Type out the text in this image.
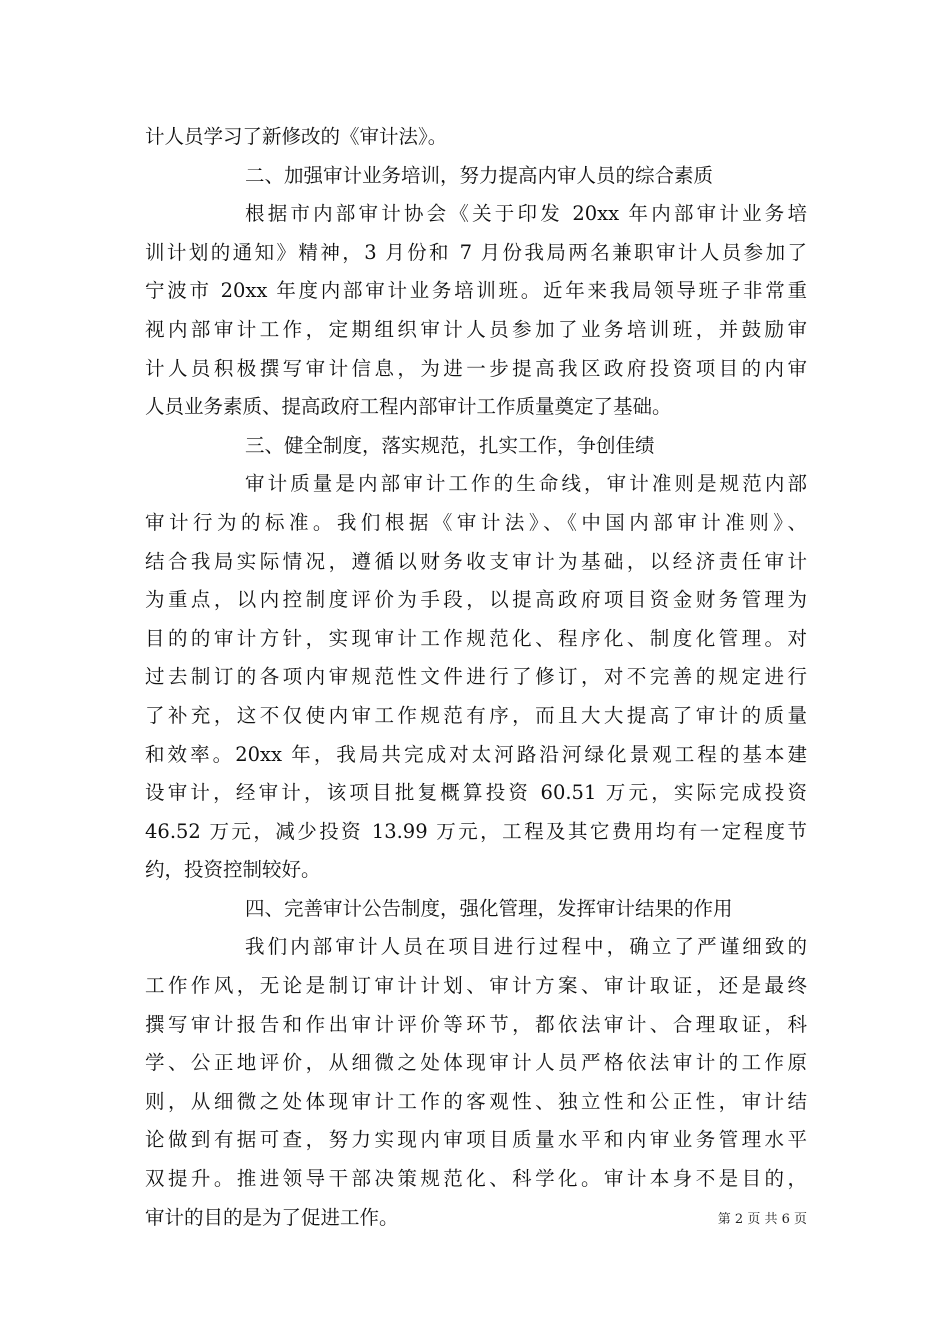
计人员学习了新修改的《审计法》。
二、加强审计业务培训，努力提高内审人员的综合素质
根据市内部审计协会《关于印发 20xx 年内部审计业务培
训计划的通知》精神，3 月份和 7 月份我局两名兼职审计人员参加了
宁波市 20xx 年度内部审计业务培训班。近年来我局领导班子非常重
视内部审计工作，定期组织审计人员参加了业务培训班，并鼓励审
计人员积极撰写审计信息，为进一步提高我区政府投资项目的内审
人员业务素质、提高政府工程内部审计工作质量奠定了基础。
三、健全制度，落实规范，扎实工作，争创佳绩
审计质量是内部审计工作的生命线，审计准则是规范内部
审计行为的标准。我们根据《审计法》、《中国内部审计准则》、
结合我局实际情况，遵循以财务收支审计为基础，以经济责任审计
为重点，以内控制度评价为手段，以提高政府项目资金财务管理为
目的的审计方针，实现审计工作规范化、程序化、制度化管理。对
过去制订的各项内审规范性文件进行了修订，对不完善的规定进行
了补充，这不仅使内审工作规范有序，而且大大提高了审计的质量
和效率。20xx 年，我局共完成对太河路沿河绿化景观工程的基本建
设审计，经审计，该项目批复概算投资 60.51 万元，实际完成投资
46.52 万元，减少投资 13.99 万元，工程及其它费用均有一定程度节
约，投资控制较好。
四、完善审计公告制度，强化管理，发挥审计结果的作用
我们内部审计人员在项目进行过程中，确立了严谨细致的
工作作风，无论是制订审计计划、审计方案、审计取证，还是最终
撰写审计报告和作出审计评价等环节，都依法审计、合理取证，科
学、公正地评价，从细微之处体现审计人员严格依法审计的工作原
则，从细微之处体现审计工作的客观性、独立性和公正性，审计结
论做到有据可查，努力实现内审项目质量水平和内审业务管理水平
双提升。推进领导干部决策规范化、科学化。审计本身不是目的，
审计的目的是为了促进工作。	第 2 页 共 6 页
